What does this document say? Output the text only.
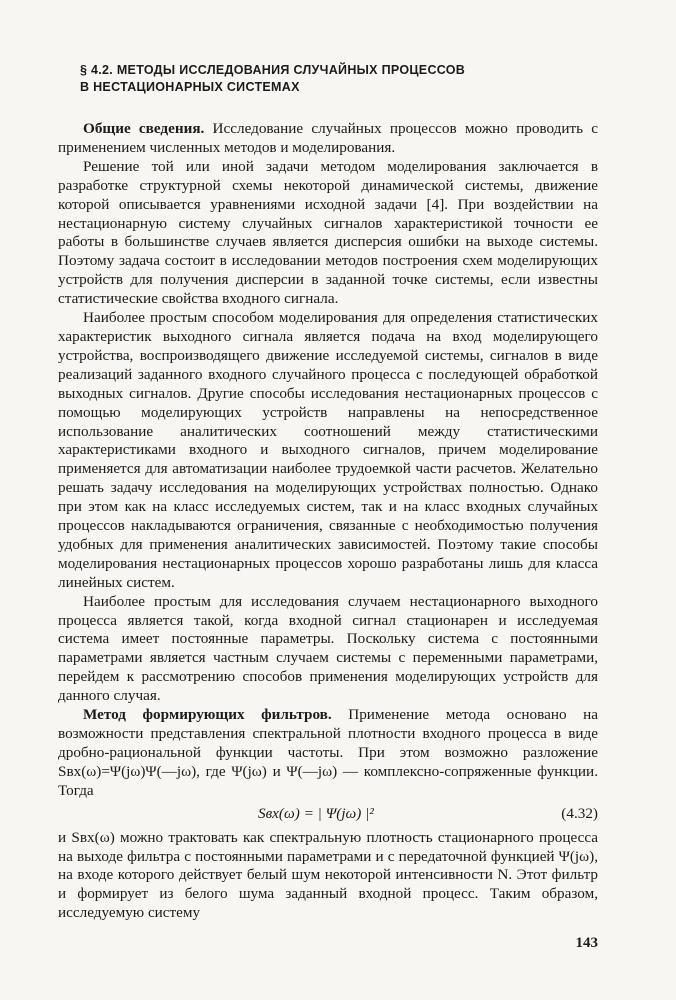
§ 4.2. МЕТОДЫ ИССЛЕДОВАНИЯ СЛУЧАЙНЫХ ПРОЦЕССОВ
В НЕСТАЦИОНАРНЫХ СИСТЕМАХ

Общие сведения. Исследование случайных процессов можно проводить с применением численных методов и моделирования.

Решение той или иной задачи методом моделирования заключается в разработке структурной схемы некоторой динамической системы, движение которой описывается уравнениями исходной задачи [4]. При воздействии на нестационарную систему случайных сигналов характеристикой точности ее работы в большинстве случаев является дисперсия ошибки на выходе системы. Поэтому задача состоит в исследовании методов построения схем моделирующих устройств для получения дисперсии в заданной точке системы, если известны статистические свойства входного сигнала.

Наиболее простым способом моделирования для определения статистических характеристик выходного сигнала является подача на вход моделирующего устройства, воспроизводящего движение исследуемой системы, сигналов в виде реализаций заданного входного случайного процесса с последующей обработкой выходных сигналов. Другие способы исследования нестационарных процессов с помощью моделирующих устройств направлены на непосредственное использование аналитических соотношений между статистическими характеристиками входного и выходного сигналов, причем моделирование применяется для автоматизации наиболее трудоемкой части расчетов. Желательно решать задачу исследования на моделирующих устройствах полностью. Однако при этом как на класс исследуемых систем, так и на класс входных случайных процессов накладываются ограничения, связанные с необходимостью получения удобных для применения аналитических зависимостей. Поэтому такие способы моделирования нестационарных процессов хорошо разработаны лишь для класса линейных систем.

Наиболее простым для исследования случаем нестационарного выходного процесса является такой, когда входной сигнал стационарен и исследуемая система имеет постоянные параметры. Поскольку система с постоянными параметрами является частным случаем системы с переменными параметрами, перейдем к рассмотрению способов применения моделирующих устройств для данного случая.

Метод формирующих фильтров. Применение метода основано на возможности представления спектральной плотности входного процесса в виде дробно-рациональной функции частоты. При этом возможно разложение Sвх(ω)=Ψ(jω)Ψ(—jω), где Ψ(jω) и Ψ(—jω) — комплексно-сопряженные функции. Тогда

Sвх(ω) = | Ψ(jω) |²	(4.32)

и Sвх(ω) можно трактовать как спектральную плотность стационарного процесса на выходе фильтра с постоянными параметрами и с передаточной функцией Ψ(jω), на входе которого действует белый шум некоторой интенсивности N. Этот фильтр и формирует из белого шума заданный входной процесс. Таким образом, исследуемую систему

143
